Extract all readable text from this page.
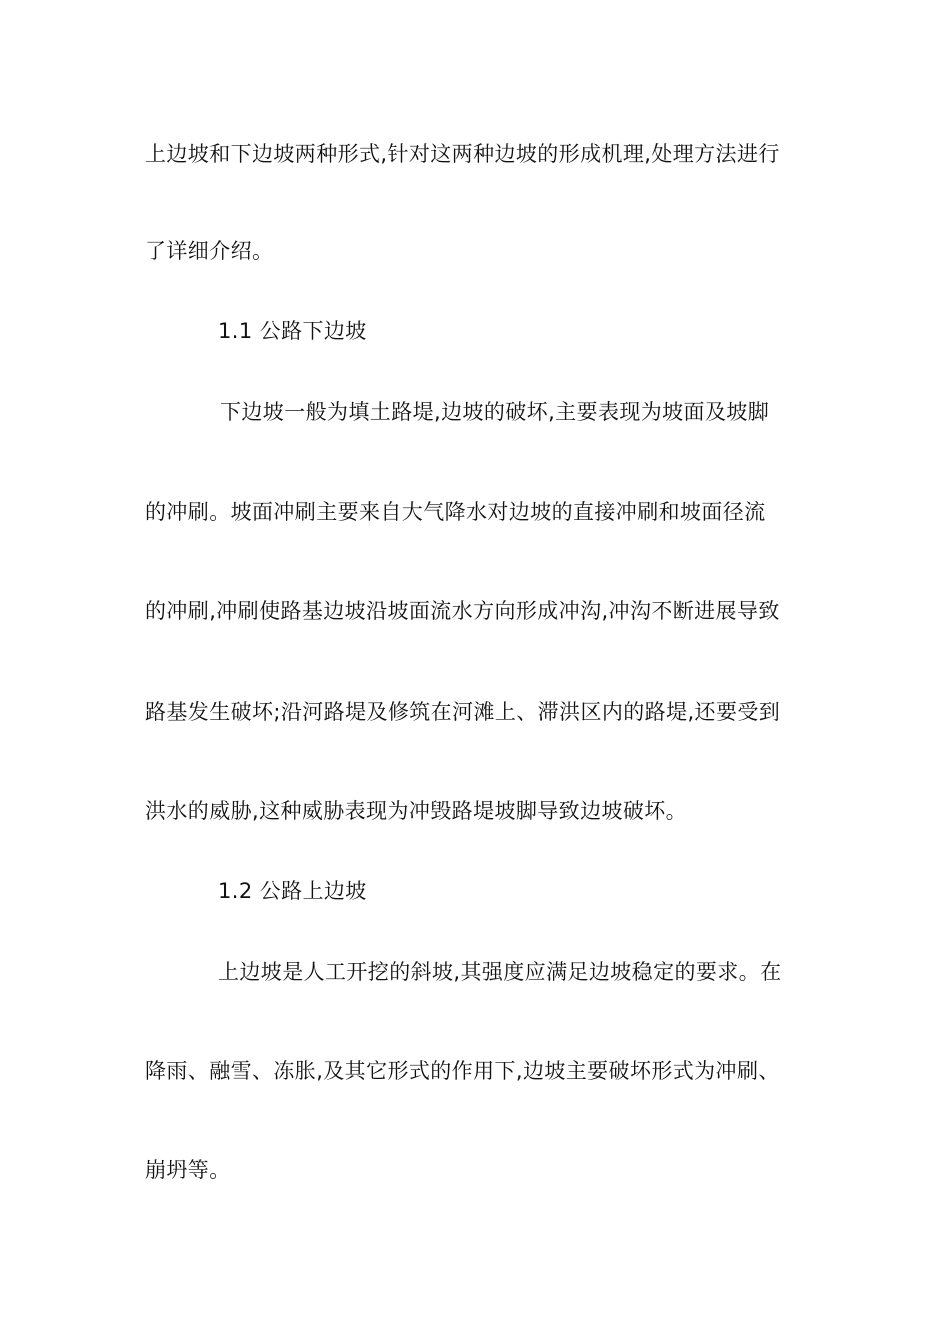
上边坡和下边坡两种形式,针对这两种边坡的形成机理,处理方法进行
了详细介绍。
1.1 公路下边坡
下边坡一般为填土路堤,边坡的破坏,主要表现为坡面及坡脚
的冲刷。坡面冲刷主要来自大气降水对边坡的直接冲刷和坡面径流
的冲刷,冲刷使路基边坡沿坡面流水方向形成冲沟,冲沟不断进展导致
路基发生破坏;沿河路堤及修筑在河滩上、滞洪区内的路堤,还要受到
洪水的威胁,这种威胁表现为冲毁路堤坡脚导致边坡破坏。
1.2 公路上边坡
上边坡是人工开挖的斜坡,其强度应满足边坡稳定的要求。在
降雨、融雪、冻胀,及其它形式的作用下,边坡主要破坏形式为冲刷、
崩坍等。
